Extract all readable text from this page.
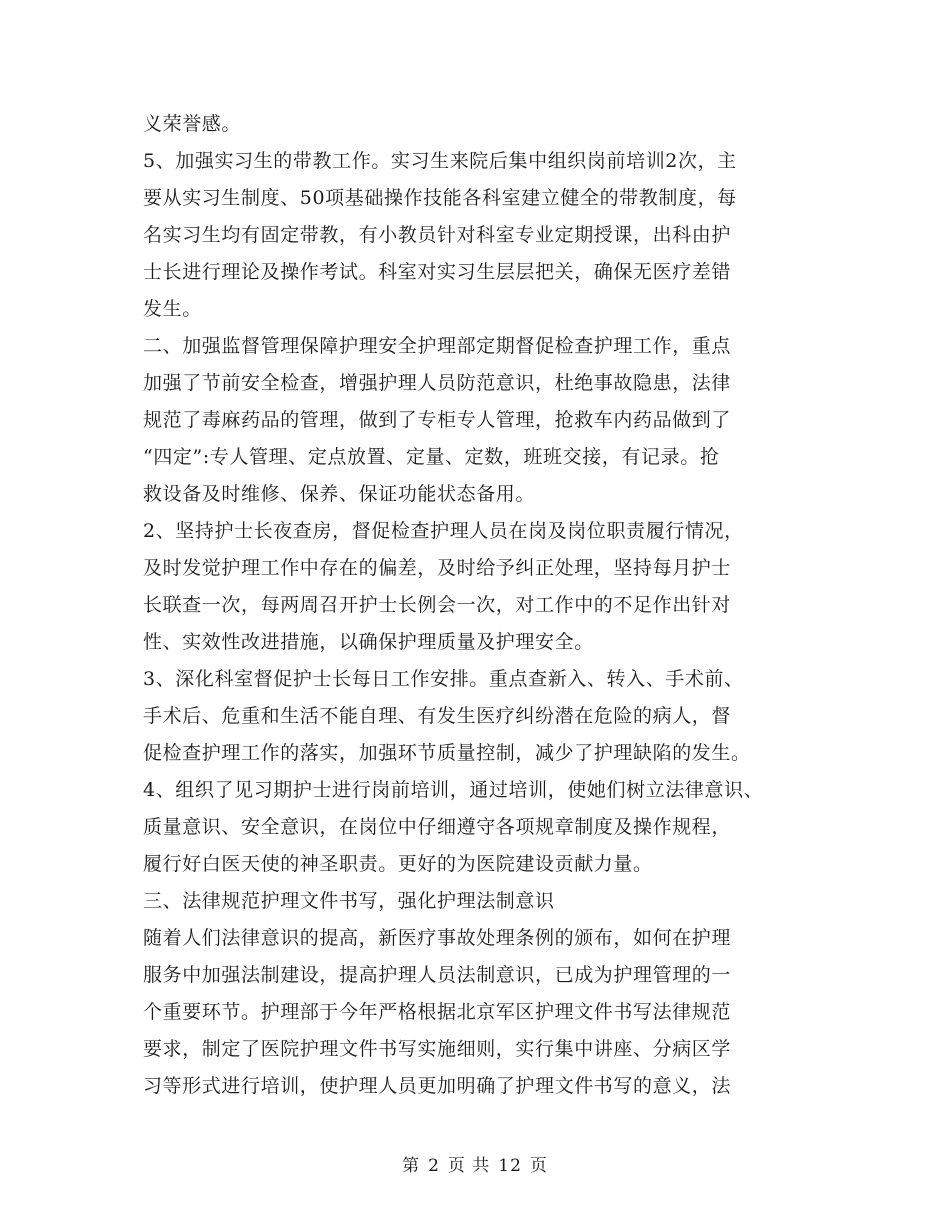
义荣誉感。
5、加强实习生的带教工作。实习生来院后集中组织岗前培训2次，主
要从实习生制度、50项基础操作技能各科室建立健全的带教制度，每
名实习生均有固定带教，有小教员针对科室专业定期授课，出科由护
士长进行理论及操作考试。科室对实习生层层把关，确保无医疗差错
发生。
二、加强监督管理保障护理安全护理部定期督促检查护理工作，重点
加强了节前安全检查，增强护理人员防范意识，杜绝事故隐患，法律
规范了毒麻药品的管理，做到了专柜专人管理，抢救车内药品做到了
“四定”:专人管理、定点放置、定量、定数，班班交接，有记录。抢
救设备及时维修、保养、保证功能状态备用。
2、坚持护士长夜查房，督促检查护理人员在岗及岗位职责履行情况，
及时发觉护理工作中存在的偏差，及时给予纠正处理，坚持每月护士
长联查一次，每两周召开护士长例会一次，对工作中的不足作出针对
性、实效性改进措施，以确保护理质量及护理安全。
3、深化科室督促护士长每日工作安排。重点查新入、转入、手术前、
手术后、危重和生活不能自理、有发生医疗纠纷潜在危险的病人，督
促检查护理工作的落实，加强环节质量控制，减少了护理缺陷的发生。
4、组织了见习期护士进行岗前培训，通过培训，使她们树立法律意识、
质量意识、安全意识，在岗位中仔细遵守各项规章制度及操作规程，
履行好白医天使的神圣职责。更好的为医院建设贡献力量。
三、法律规范护理文件书写，强化护理法制意识
随着人们法律意识的提高，新医疗事故处理条例的颁布，如何在护理
服务中加强法制建设，提高护理人员法制意识，已成为护理管理的一
个重要环节。护理部于今年严格根据北京军区护理文件书写法律规范
要求，制定了医院护理文件书写实施细则，实行集中讲座、分病区学
习等形式进行培训，使护理人员更加明确了护理文件书写的意义，法
第 2 页 共 12 页
